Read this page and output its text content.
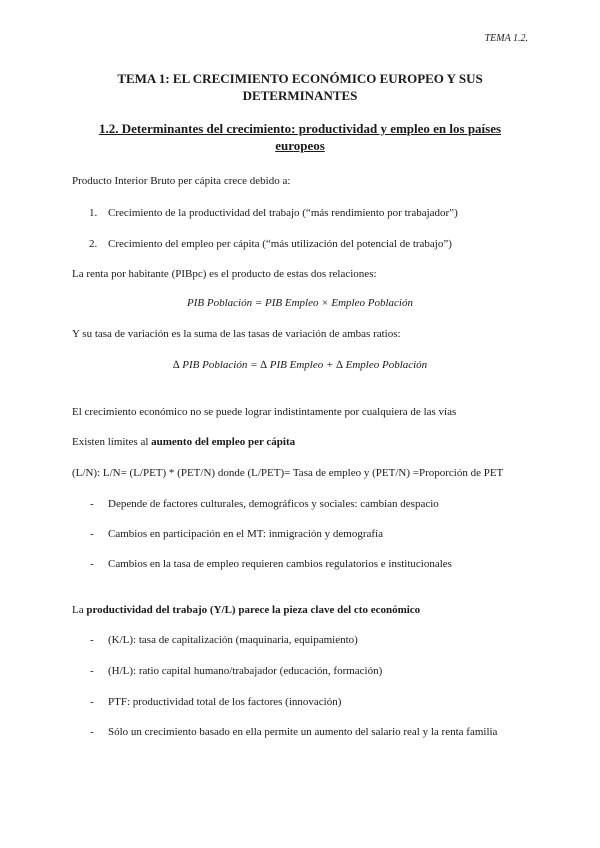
TEMA 1.2.
TEMA 1: EL CRECIMIENTO ECONÓMICO EUROPEO Y SUS
DETERMINANTES
1.2. Determinantes del crecimiento: productividad y empleo en los países
europeos
Producto Interior Bruto per cápita crece debido a:
1. Crecimiento de la productividad del trabajo (“más rendimiento por trabajador”)
2. Crecimiento del empleo per cápita (“más utilización del potencial de trabajo”)
La renta por habitante (PIBpc) es el producto de estas dos relaciones:
PIB Población = PIB Empleo × Empleo Población
Y su tasa de variación es la suma de las tasas de variación de ambas ratios:
∆ PIB Población = ∆ PIB Empleo + ∆ Empleo Población
El crecimiento económico no se puede lograr indistintamente por cualquiera de las vías
Existen límites al aumento del empleo per cápita
(L/N): L/N= (L/PET) * (PET/N) donde (L/PET)= Tasa de empleo y (PET/N) =Proporción de PET
- Depende de factores culturales, demográficos y sociales: cambian despacio
- Cambios en participación en el MT: inmigración y demografía
- Cambios en la tasa de empleo requieren cambios regulatorios e institucionales
La productividad del trabajo (Y/L) parece la pieza clave del cto económico
- (K/L): tasa de capitalización (maquinaria, equipamiento)
- (H/L): ratio capital humano/trabajador (educación, formación)
- PTF: productividad total de los factores (innovación)
- Sólo un crecimiento basado en ella permite un aumento del salario real y la renta familia
